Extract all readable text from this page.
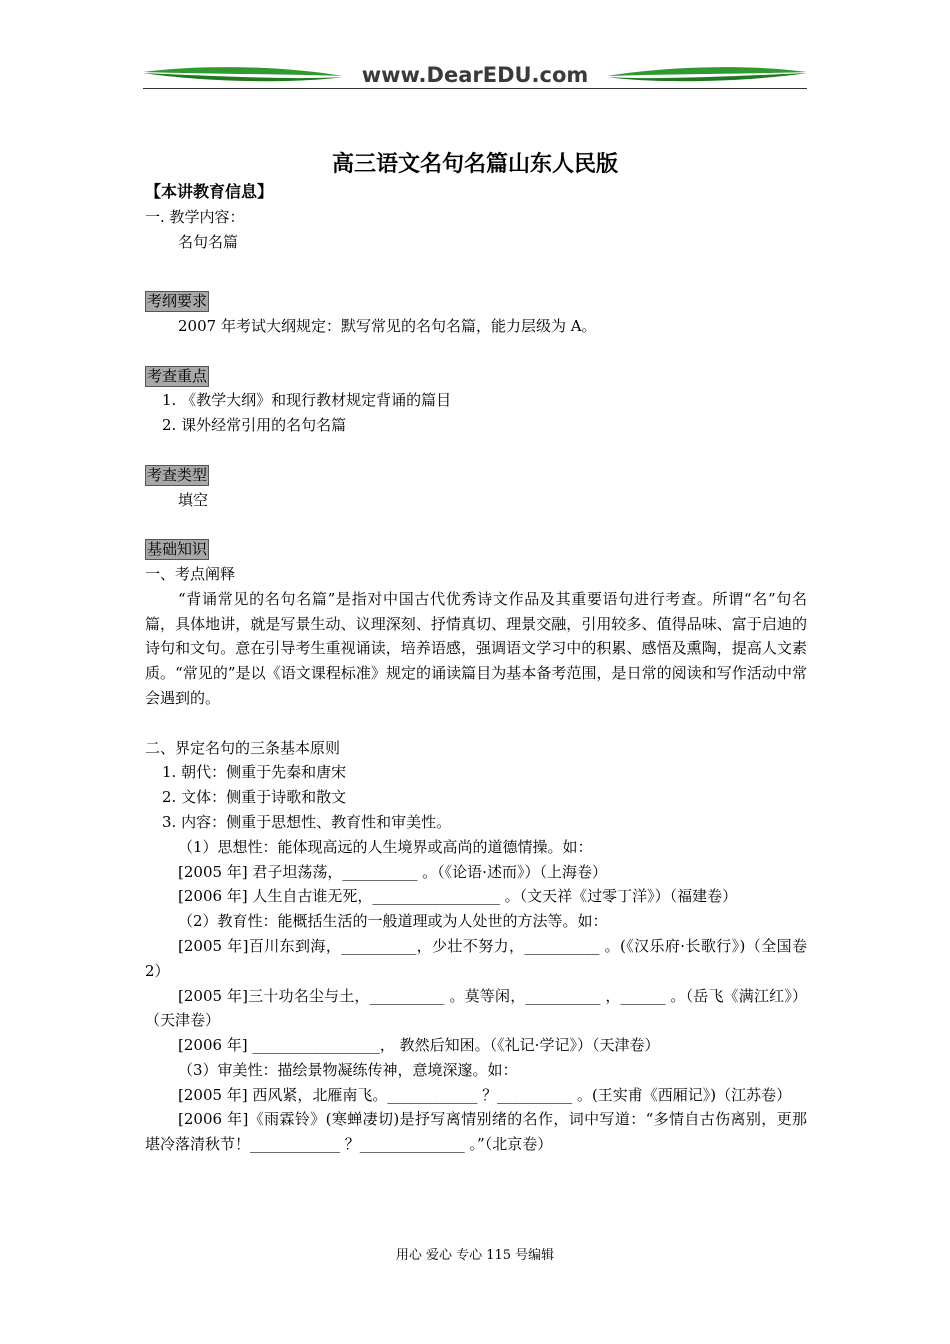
www.DearEDU.com
高三语文名句名篇山东人民版

【本讲教育信息】

一. 教学内容：

名句名篇

考纲要求

2007 年考试大纲规定：默写常见的名句名篇，能力层级为 A。

考查重点

1. 《教学大纲》和现行教材规定背诵的篇目

2. 课外经常引用的名句名篇

考查类型

填空

基础知识

一、考点阐释

“背诵常见的名句名篇”是指对中国古代优秀诗文作品及其重要语句进行考查。所谓“名”句名篇，具体地讲，就是写景生动、议理深刻、抒情真切、理景交融，引用较多、值得品味、富于启迪的诗句和文句。意在引导考生重视诵读，培养语感，强调语文学习中的积累、感悟及熏陶，提高人文素质。“常见的”是以《语文课程标准》规定的诵读篇目为基本备考范围，是日常的阅读和写作活动中常会遇到的。

二、界定名句的三条基本原则

1. 朝代：侧重于先秦和唐宋

2. 文体：侧重于诗歌和散文

3. 内容：侧重于思想性、教育性和审美性。

（1）思想性：能体现高远的人生境界或高尚的道德情操。如：

[2005 年] 君子坦荡荡，__________ 。（《论语·述而》）（上海卷）

[2006 年] 人生自古谁无死，_________________ 。（文天祥《过零丁洋》）（福建卷）

（2）教育性：能概括生活的一般道理或为人处世的方法等。如：

[2005 年]百川东到海，__________，少壮不努力，__________ 。(《汉乐府·长歌行》)（全国卷 2）

[2005 年]三十功名尘与土，__________ 。莫等闲，__________ ，______ 。（岳飞《满江红》）（天津卷）

[2006 年] _________________， 教然后知困。（《礼记·学记》）（天津卷）

（3）审美性：描绘景物凝练传神，意境深邃。如：

[2005 年] 西风紧，北雁南飞。____________ ？__________ 。(王实甫《西厢记》)（江苏卷）

[2006 年]《雨霖铃》(寒蝉凄切)是抒写离情别绪的名作，词中写道：“多情自古伤离别，更那堪冷落清秋节！____________ ？______________ 。”（北京卷）

用心 爱心 专心 115 号编辑
